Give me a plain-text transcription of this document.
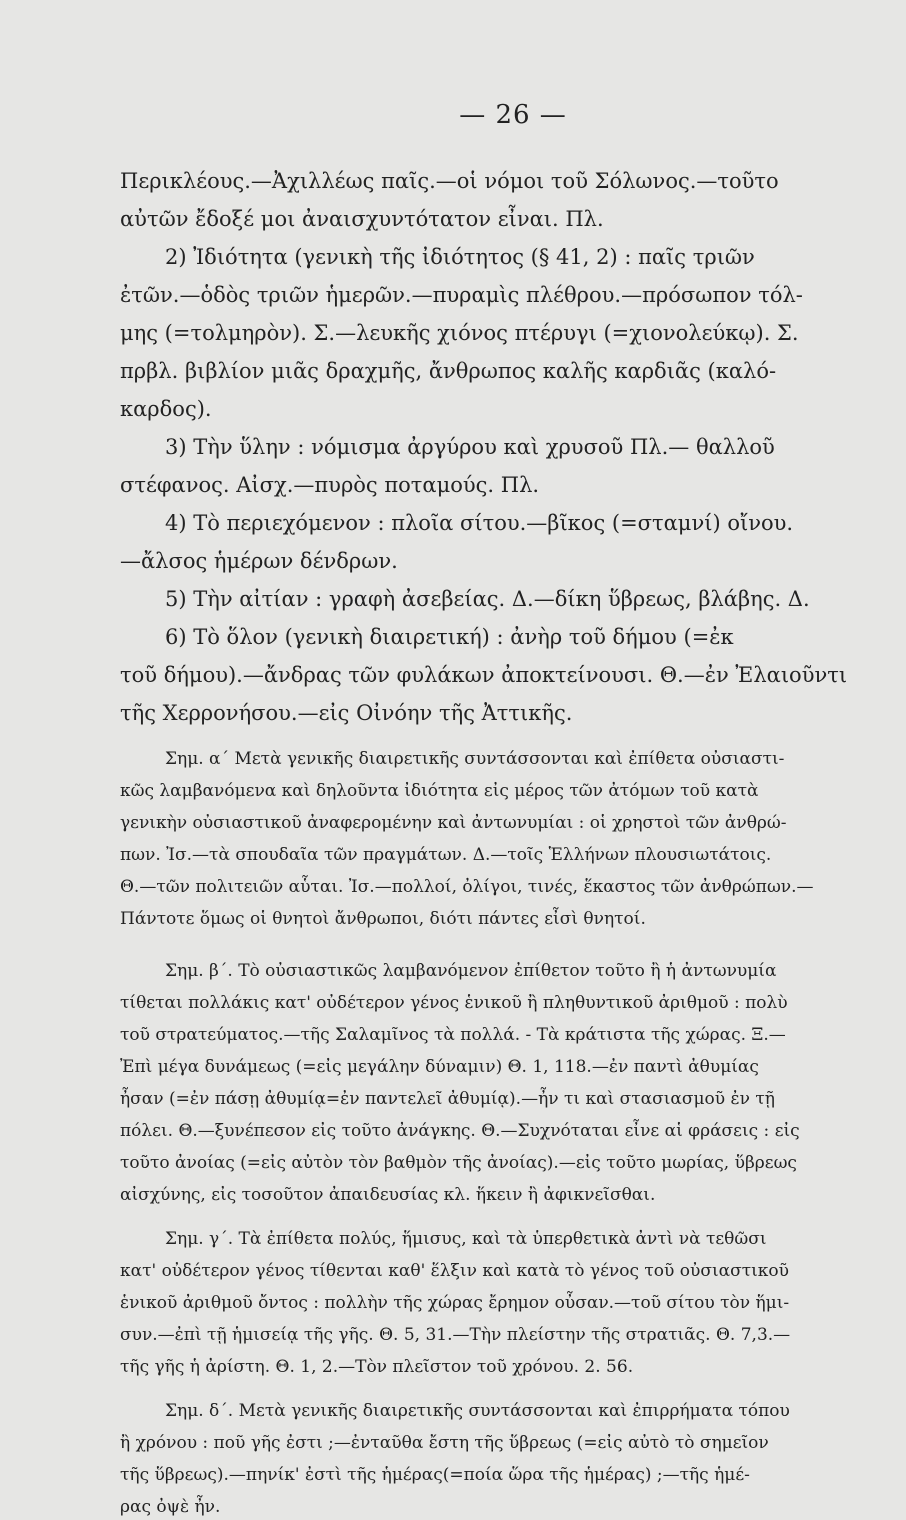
— 26 —
Περικλέους.—Ἀχιλλέως παῖς.—οἱ νόμοι τοῦ Σόλωνος.—τοῦτο
αὐτῶν ἔδοξέ μοι ἀναισχυντότατον εἶναι. Πλ.
2) Ἰδιότητα (γενικὴ τῆς ἰδιότητος (§ 41, 2) : παῖς τριῶν
ἐτῶν.—ὁδὸς τριῶν ἡμερῶν.—πυραμὶς πλέθρου.—πρόσωπον τόλ-
μης (=τολμηρὸν). Σ.—λευκῆς χιόνος πτέρυγι (=χιονολεύκῳ). Σ.
πρβλ. βιβλίον μιᾶς δραχμῆς, ἄνθρωπος καλῆς καρδιᾶς (καλό-
καρδος).
3) Τὴν ὕλην : νόμισμα ἀργύρου καὶ χρυσοῦ Πλ.— θαλλοῦ
στέφανος. Αἰσχ.—πυρὸς ποταμούς. Πλ.
4) Τὸ περιεχόμενον : πλοῖα σίτου.—βῖκος (=σταμνί) οἴνου.
—ἄλσος ἡμέρων δένδρων.
5) Τὴν αἰτίαν : γραφὴ ἀσεβείας. Δ.—δίκη ὕβρεως, βλάβης. Δ.
6) Τὸ ὅλον (γενικὴ διαιρετική) : ἀνὴρ τοῦ δήμου (=ἐκ
τοῦ δήμου).—ἄνδρας τῶν φυλάκων ἀποκτείνουσι. Θ.—ἐν Ἐλαιοῦντι
τῆς Χερρονήσου.—εἰς Οἰνόην τῆς Ἀττικῆς.
Σημ. α΄ Μετὰ γενικῆς διαιρετικῆς συντάσσονται καὶ ἐπίθετα οὐσιαστι-
κῶς λαμβανόμενα καὶ δηλοῦντα ἰδιότητα εἰς μέρος τῶν ἀτόμων τοῦ κατὰ
γενικὴν οὐσιαστικοῦ ἀναφερομένην καὶ ἀντωνυμίαι : οἱ χρηστοὶ τῶν ἀνθρώ-
πων. Ἰσ.—τὰ σπουδαῖα τῶν πραγμάτων. Δ.—τοῖς Ἑλλήνων πλουσιωτάτοις.
Θ.—τῶν πολιτειῶν αὗται. Ἰσ.—πολλοί, ὀλίγοι, τινές, ἕκαστος τῶν ἀνθρώπων.—
Πάντοτε ὅμως οἱ θνητοὶ ἄνθρωποι, διότι πάντες εἶσὶ θνητοί.
Σημ. β΄. Τὸ οὐσιαστικῶς λαμβανόμενον ἐπίθετον τοῦτο ἢ ἡ ἀντωνυμία
τίθεται πολλάκις κατ' οὐδέτερον γένος ἑνικοῦ ἢ πληθυντικοῦ ἀριθμοῦ : πολὺ
τοῦ στρατεύματος.—τῆς Σαλαμῖνος τὰ πολλά. - Τὰ κράτιστα τῆς χώρας. Ξ.—
Ἐπὶ μέγα δυνάμεως (=εἰς μεγάλην δύναμιν) Θ. 1, 118.—ἐν παντὶ ἀθυμίας
ἦσαν (=ἐν πάσῃ ἀθυμίᾳ=ἐν παντελεῖ ἀθυμίᾳ).—ἦν τι καὶ στασιασμοῦ ἐν τῇ
πόλει. Θ.—ξυνέπεσον εἰς τοῦτο ἀνάγκης. Θ.—Συχνόταται εἶνε αἱ φράσεις : εἰς
τοῦτο ἀνοίας (=εἰς αὐτὸν τὸν βαθμὸν τῆς ἀνοίας).—εἰς τοῦτο μωρίας, ὕβρεως
αἰσχύνης, εἰς τοσοῦτον ἀπαιδευσίας κλ. ἥκειν ἢ ἀφικνεῖσθαι.
Σημ. γ΄. Τὰ ἐπίθετα πολύς, ἥμισυς, καὶ τὰ ὑπερθετικὰ ἀντὶ νὰ τεθῶσι
κατ' οὐδέτερον γένος τίθενται καθ' ἕλξιν καὶ κατὰ τὸ γένος τοῦ οὐσιαστικοῦ
ἑνικοῦ ἀριθμοῦ ὄντος : πολλὴν τῆς χώρας ἔρημον οὖσαν.—τοῦ σίτου τὸν ἥμι-
συν.—ἐπὶ τῇ ἡμισείᾳ τῆς γῆς. Θ. 5, 31.—Τὴν πλείστην τῆς στρατιᾶς. Θ. 7,3.—
τῆς γῆς ἡ ἀρίστη. Θ. 1, 2.—Τὸν πλεῖστον τοῦ χρόνου. 2. 56.
Σημ. δ΄. Μετὰ γενικῆς διαιρετικῆς συντάσσονται καὶ ἐπιρρήματα τόπου
ἢ χρόνου : ποῦ γῆς ἐστι ;—ἐνταῦθα ἔστη τῆς ὕβρεως (=εἰς αὐτὸ τὸ σημεῖον
τῆς ὕβρεως).—πηνίκ' ἐστὶ τῆς ἡμέρας(=ποία ὥρα τῆς ἡμέρας) ;—τῆς ἡμέ-
ρας ὀψὲ ἦν.
